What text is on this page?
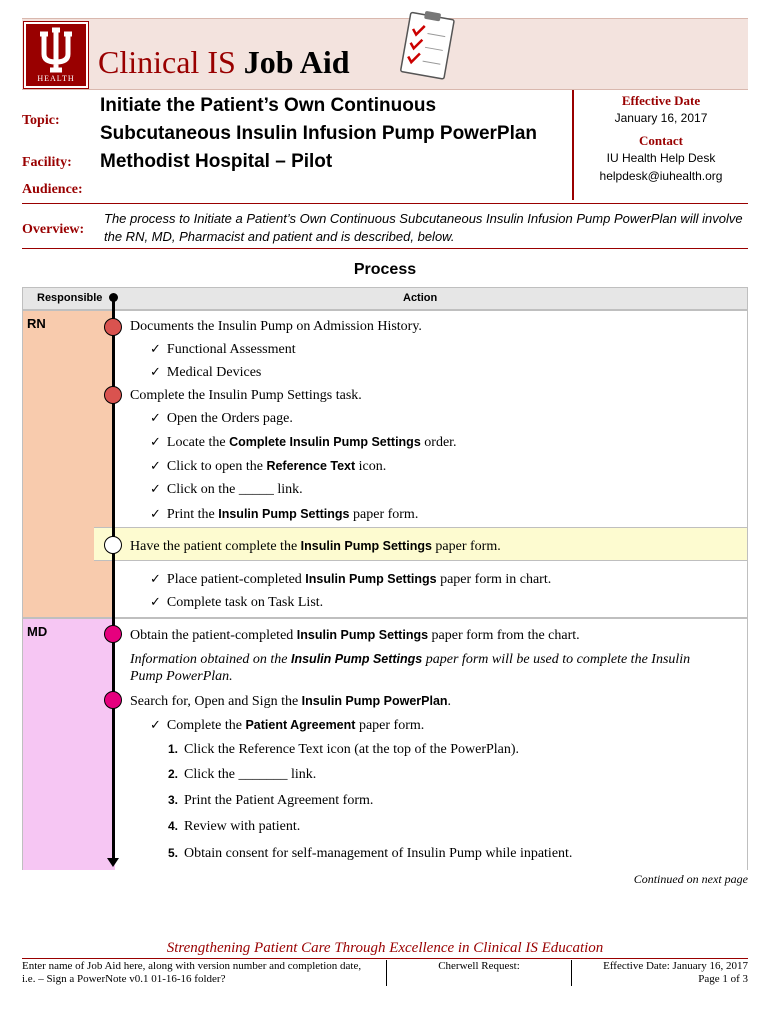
HEALTH Clinical IS Job Aid
Topic:
Initiate the Patient’s Own Continuous
Subcutaneous Insulin Infusion Pump PowerPlan
Facility: Methodist Hospital – Pilot
Audience:
Effective Date
January 16, 2017
Contact
IU Health Help Desk
helpdesk@iuhealth.org
Overview:
The process to Initiate a Patient’s Own Continuous Subcutaneous Insulin Infusion Pump PowerPlan will involve the RN, MD, Pharmacist and patient and is described, below.
Process
Responsible	Action
RN
MD
Documents the Insulin Pump on Admission History.
✓ Functional Assessment
✓ Medical Devices
Complete the Insulin Pump Settings task.
✓ Open the Orders page.
✓ Locate the Complete Insulin Pump Settings order.
✓ Click to open the Reference Text icon.
✓ Click on the _____ link.
✓ Print the Insulin Pump Settings paper form.
Have the patient complete the Insulin Pump Settings paper form.
✓ Place patient-completed Insulin Pump Settings paper form in chart.
✓ Complete task on Task List.
Obtain the patient-completed Insulin Pump Settings paper form from the chart.
Information obtained on the Insulin Pump Settings paper form will be used to complete the Insulin
Pump PowerPlan.
Search for, Open and Sign the Insulin Pump PowerPlan.
✓ Complete the Patient Agreement paper form.
1. Click the Reference Text icon (at the top of the PowerPlan).
2. Click the _______ link.
3. Print the Patient Agreement form.
4. Review with patient.
5. Obtain consent for self-management of Insulin Pump while inpatient.
Continued on next page
Strengthening Patient Care Through Excellence in Clinical IS Education
Enter name of Job Aid here, along with version number and completion date,
i.e. – Sign a PowerNote v0.1 01-16-16 folder?
Cherwell Request:	Effective Date: January 16, 2017
Page 1 of 3
